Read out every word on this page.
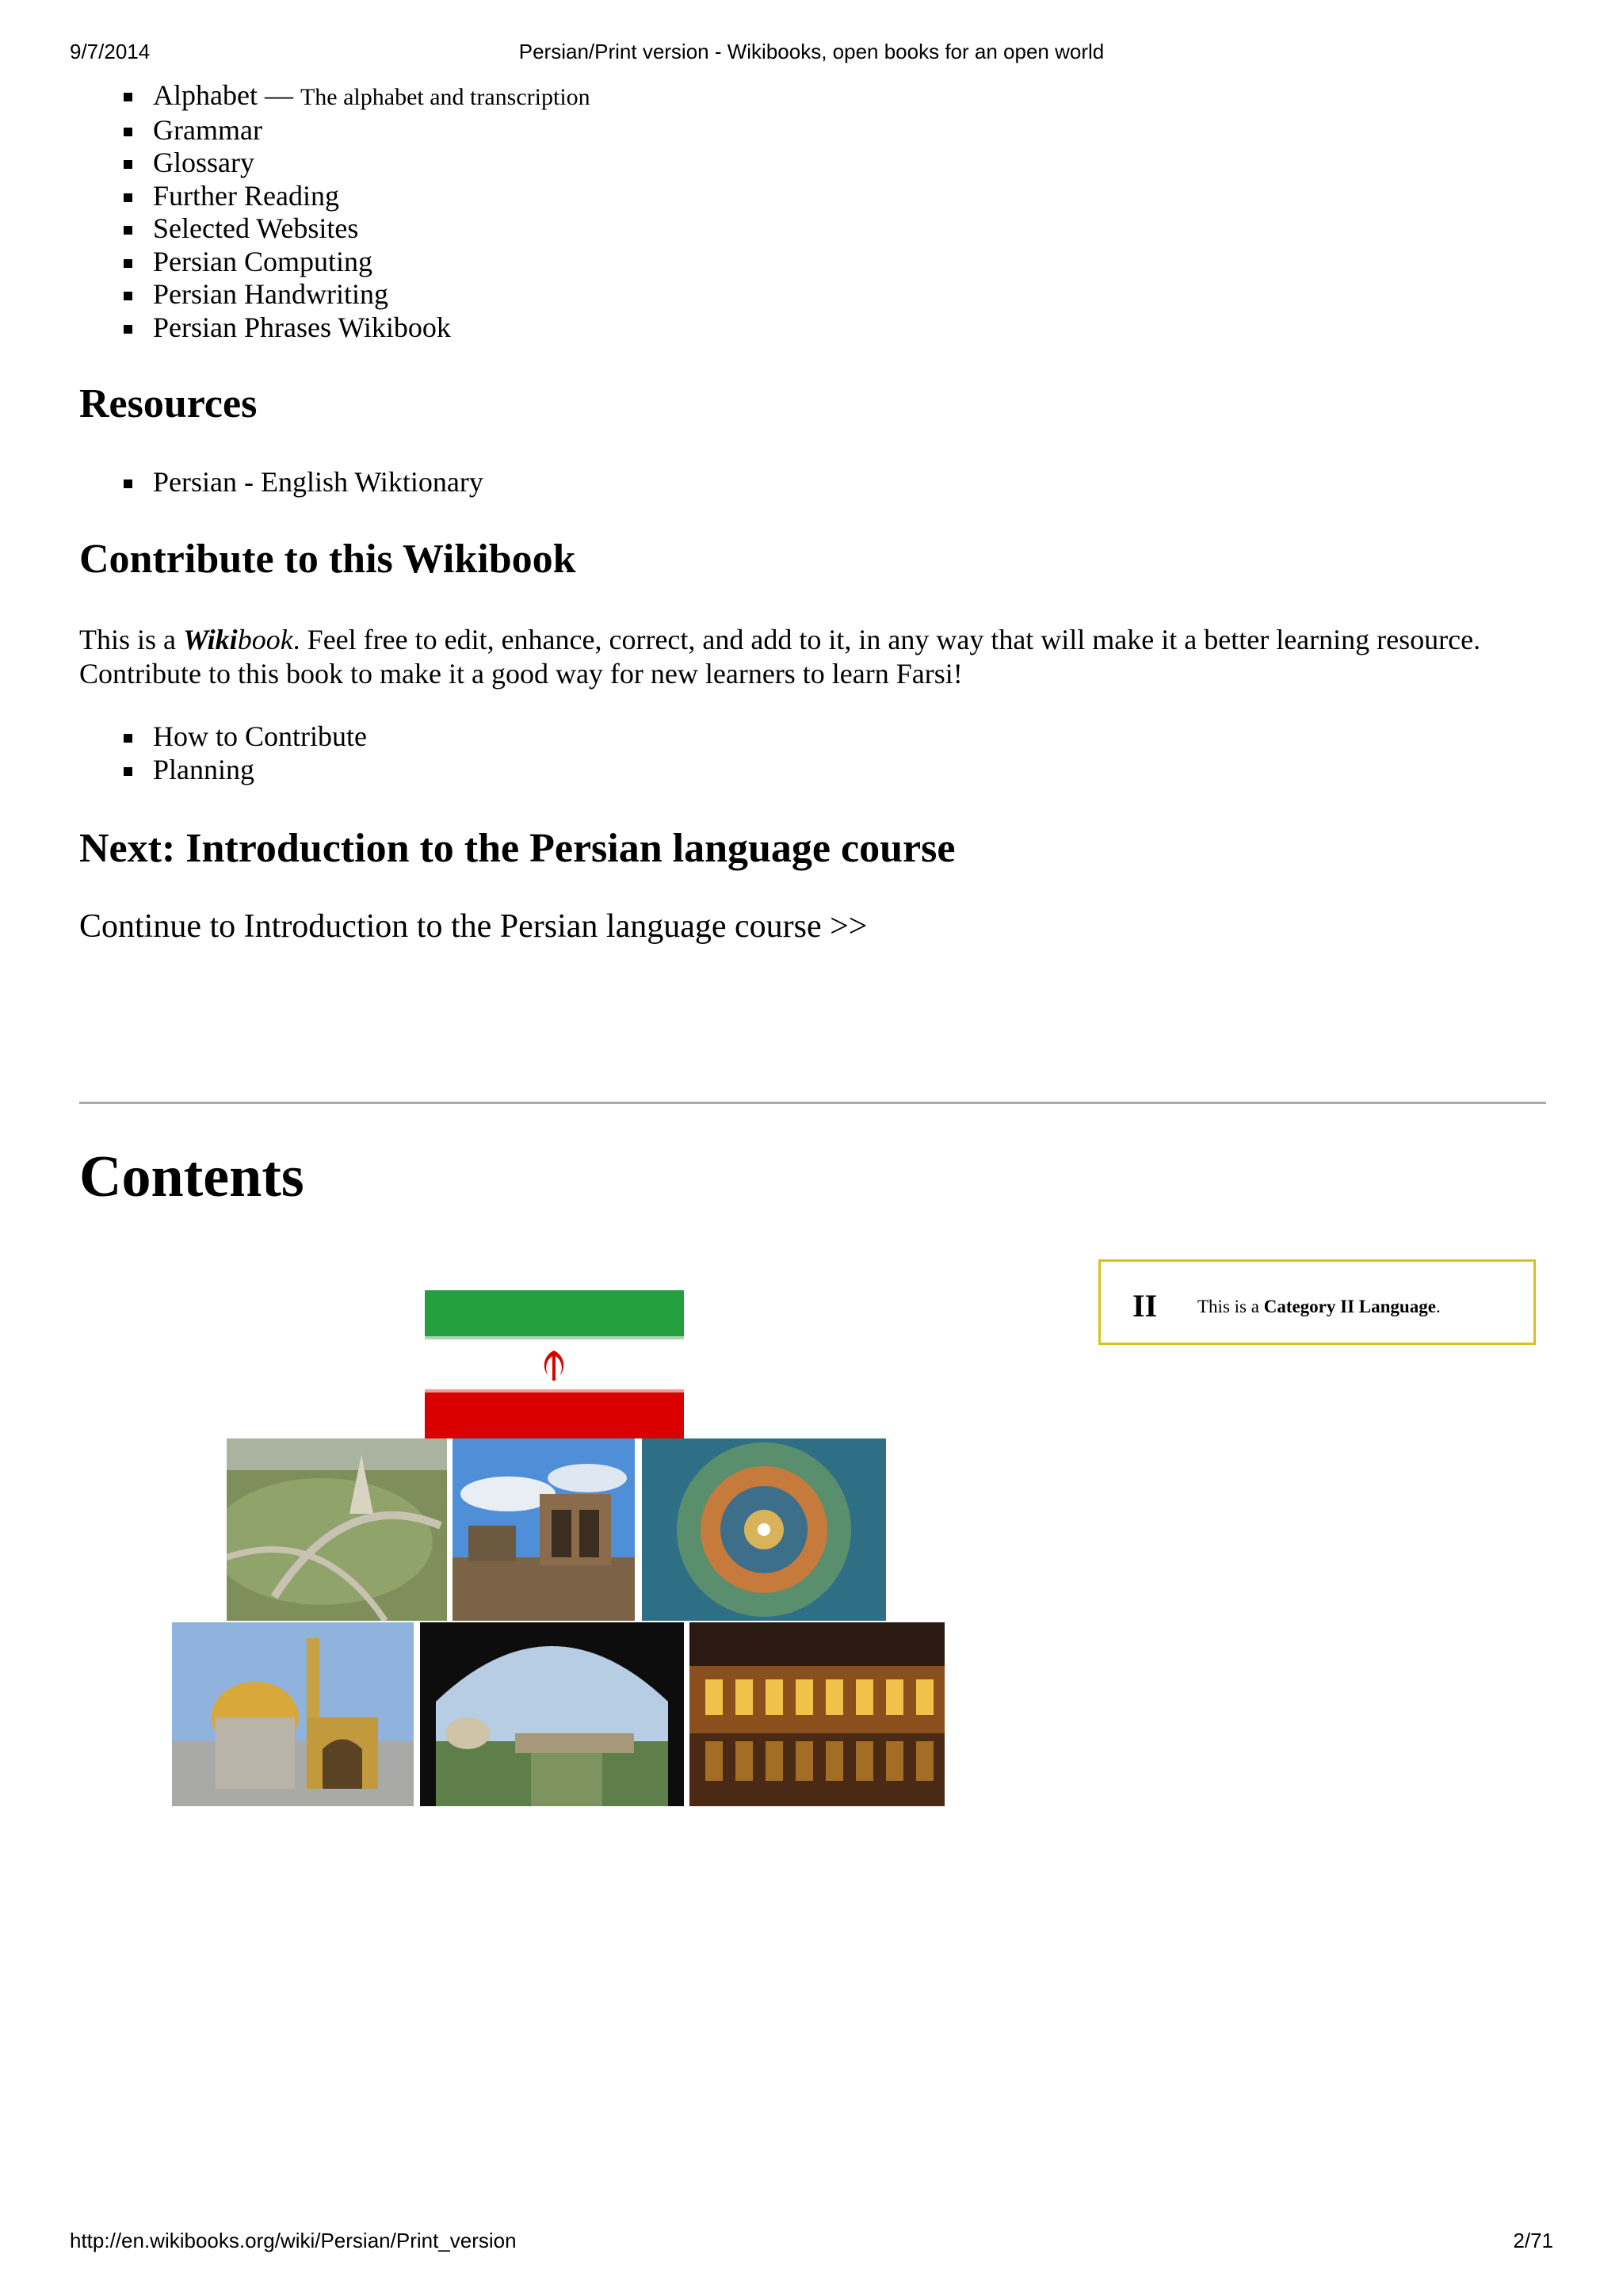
9/7/2014	Persian/Print version - Wikibooks, open books for an open world
Alphabet — The alphabet and transcription
Grammar
Glossary
Further Reading
Selected Websites
Persian Computing
Persian Handwriting
Persian Phrases Wikibook
Resources
Persian - English Wiktionary
Contribute to this Wikibook

This is a Wikibook. Feel free to edit, enhance, correct, and add to it, in any way that will make it a better learning resource.
Contribute to this book to make it a good way for new learners to learn Farsi!

How to Contribute
Planning
Next: Introduction to the Persian language course
Continue to Introduction to the Persian language course >>
Contents
II This is a Category II Language.
http://en.wikibooks.org/wiki/Persian/Print_version	2/71
